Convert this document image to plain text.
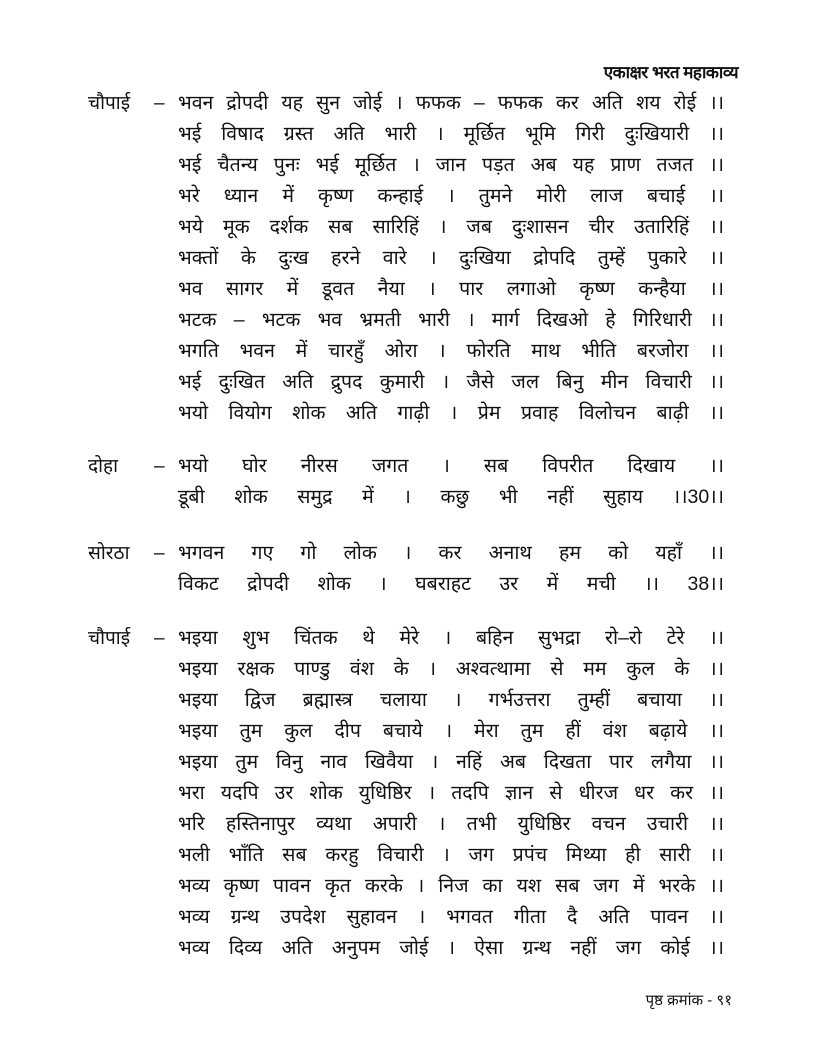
एकाक्षर भरत महाकाव्य
चौपाई – भवन द्रोपदी यह सुन जोई । फफक – फफक कर अति शय रोई ।।
भई विषाद ग्रस्त अति भारी । मूर्छित भूमि गिरी दुःखियारी ।।
भई चैतन्य पुनः भई मूर्छित । जान पड़त अब यह प्राण तजत ।।
भरे ध्यान में कृष्ण कन्हाई । तुमने मोरी लाज बचाई ।।
भये मूक दर्शक सब सारिहिं । जब दुःशासन चीर उतारिहिं ।।
भक्तों के दुःख हरने वारे । दुःखिया द्रोपदि तुम्हें पुकारे ।।
भव सागर में डूवत नैया । पार लगाओ कृष्ण कन्हैया ।।
भटक – भटक भव भ्रमती भारी । मार्ग दिखओ हे गिरिधारी ।।
भगति भवन में चारहुँ ओरा । फोरति माथ भीति बरजोरा ।।
भई दुःखित अति द्रुपद कुमारी । जैसे जल बिनु मीन विचारी ।।
भयो वियोग शोक अति गाढ़ी । प्रेम प्रवाह विलोचन बाढ़ी ।।
दोहा – भयो घोर नीरस जगत । सब विपरीत दिखाय ।।
डूबी शोक समुद्र में । कछु भी नहीं सुहाय ।।30।।
सोरठा – भगवन गए गो लोक । कर अनाथ हम को यहाँ ।।
विकट द्रोपदी शोक । घबराहट उर में मची ।। 38।।
चौपाई – भइया शुभ चिंतक थे मेरे । बहिन सुभद्रा रो–रो टेरे ।।
भइया रक्षक पाण्डु वंश के । अश्वत्थामा से मम कुल के ।।
भइया द्विज ब्रह्मास्त्र चलाया । गर्भउत्तरा तुम्हीं बचाया ।।
भइया तुम कुल दीप बचाये । मेरा तुम हीं वंश बढ़ाये ।।
भइया तुम विनु नाव खिवैया । नहिं अब दिखता पार लगैया ।।
भरा यदपि उर शोक युधिष्ठिर । तदपि ज्ञान से धीरज धर कर ।।
भरि हस्तिनापुर व्यथा अपारी । तभी युधिष्ठिर वचन उचारी ।।
भली भाँति सब करहु विचारी । जग प्रपंच मिथ्या ही सारी ।।
भव्य कृष्ण पावन कृत करके । निज का यश सब जग में भरके ।।
भव्य ग्रन्थ उपदेश सुहावन । भगवत गीता दै अति पावन ।।
भव्य दिव्य अति अनुपम जोई । ऐसा ग्रन्थ नहीं जग कोई ।।
पृष्ठ क्रमांक - ९१
